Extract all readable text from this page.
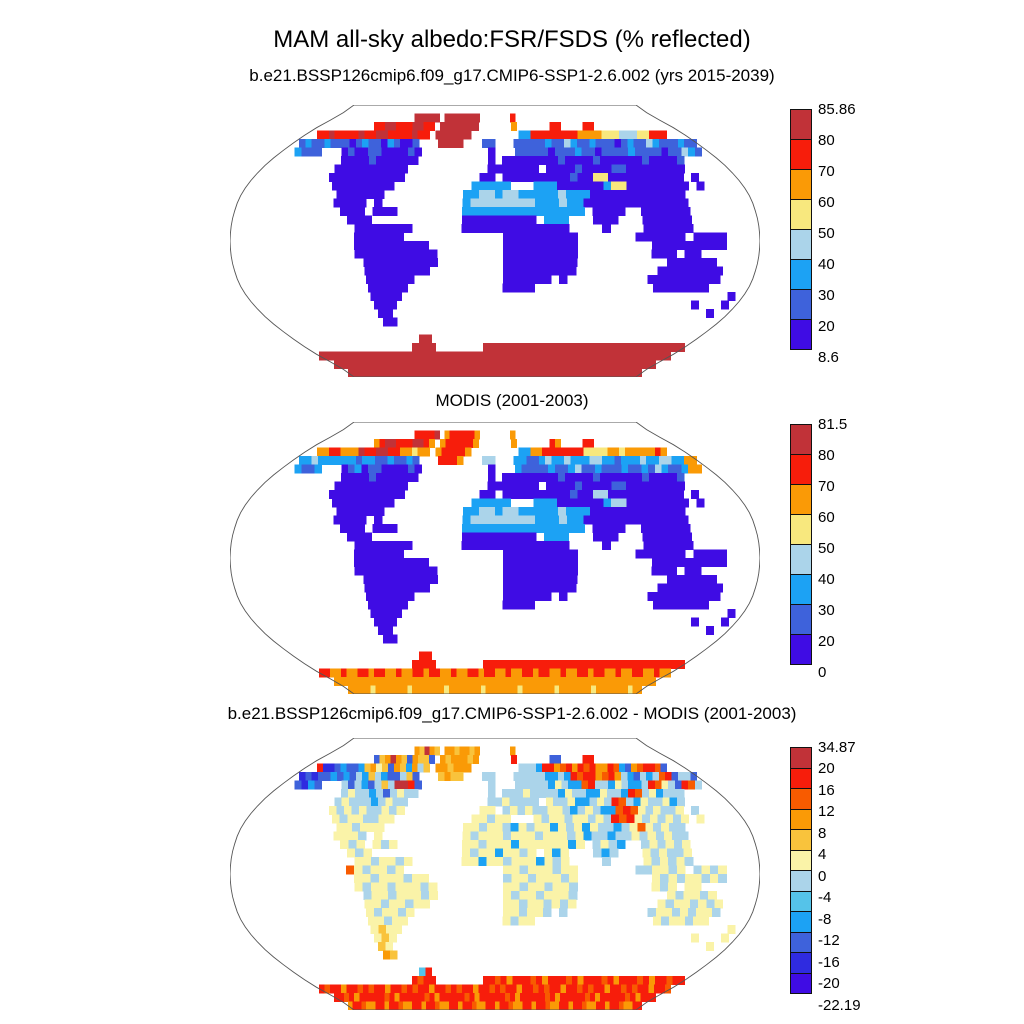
MAM all-sky albedo:FSR/FSDS (% reflected)
b.e21.BSSP126cmip6.f09_g17.CMIP6-SSP1-2.6.002 (yrs 2015-2039)
85.86
80
70
60
50
40
30
20
8.6
MODIS (2001-2003)
81.5
80
70
60
50
40
30
20
0
b.e21.BSSP126cmip6.f09_g17.CMIP6-SSP1-2.6.002 - MODIS (2001-2003)
34.87
20
16
12
8
4
0
-4
-8
-12
-16
-20
-22.19
